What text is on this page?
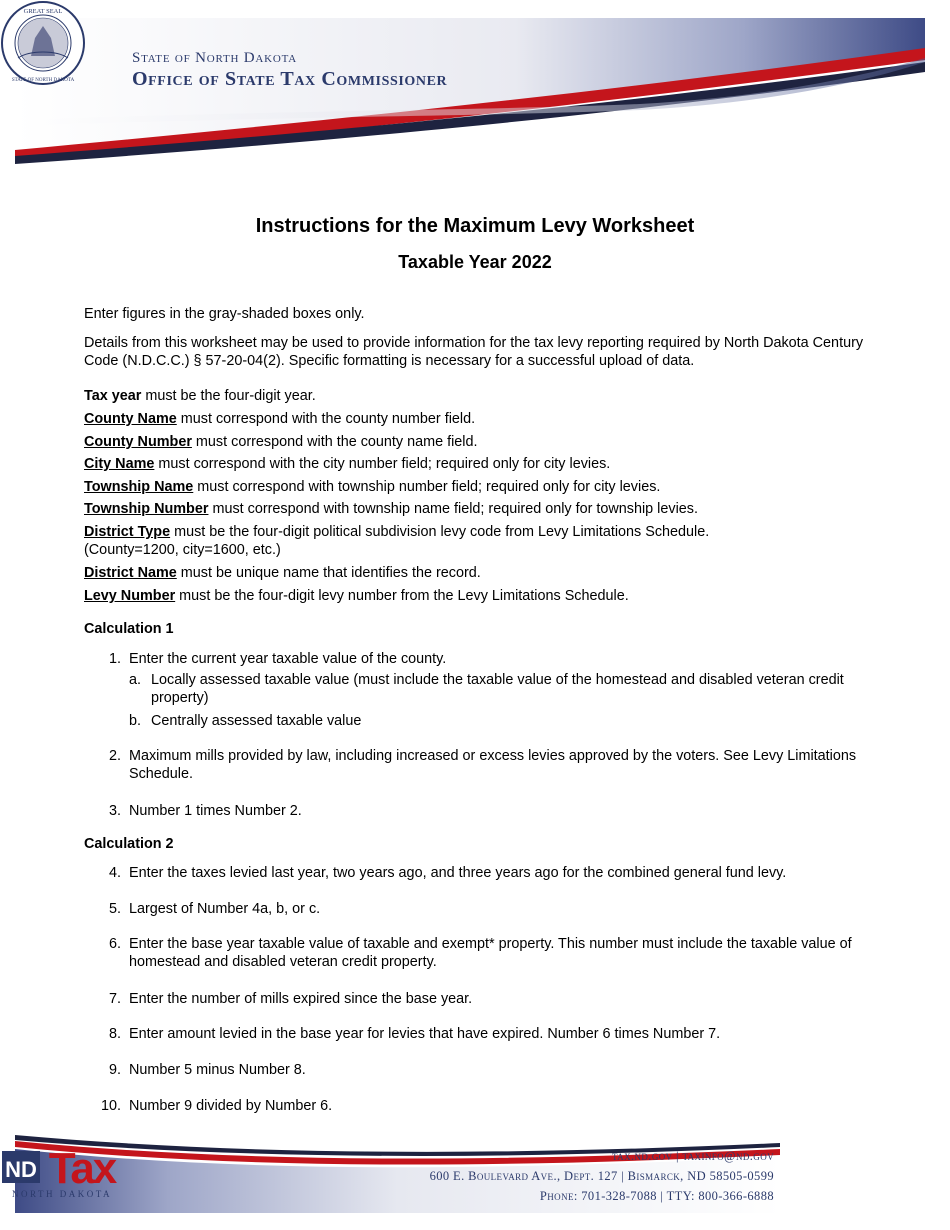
GREAT SEAL
STATE OF NORTH DAKOTA
State of North Dakota
Office of State Tax Commissioner
Instructions for the Maximum Levy Worksheet
Taxable Year 2022
Enter figures in the gray-shaded boxes only.
Details from this worksheet may be used to provide information for the tax levy reporting required by North Dakota Century Code (N.D.C.C.) § 57-20-04(2). Specific formatting is necessary for a successful upload of data.
Tax year must be the four-digit year.
County Name must correspond with the county number field.
County Number must correspond with the county name field.
City Name must correspond with the city number field; required only for city levies.
Township Name must correspond with township number field; required only for city levies.
Township Number must correspond with township name field; required only for township levies.
District Type must be the four-digit political subdivision levy code from Levy Limitations Schedule.
(County=1200, city=1600, etc.)
District Name must be unique name that identifies the record.
Levy Number must be the four-digit levy number from the Levy Limitations Schedule.
Calculation 1
1. Enter the current year taxable value of the county.
a. Locally assessed taxable value (must include the taxable value of the homestead and disabled veteran credit property)
b. Centrally assessed taxable value
2. Maximum mills provided by law, including increased or excess levies approved by the voters. See Levy Limitations Schedule.
3. Number 1 times Number 2.
Calculation 2
4. Enter the taxes levied last year, two years ago, and three years ago for the combined general fund levy.
5. Largest of Number 4a, b, or c.
6. Enter the base year taxable value of taxable and exempt* property. This number must include the taxable value of homestead and disabled veteran credit property.
7. Enter the number of mills expired since the base year.
8. Enter amount levied in the base year for levies that have expired. Number 6 times Number 7.
9. Number 5 minus Number 8.
10. Number 9 divided by Number 6.
tax.nd.gov | taxinfo@nd.gov
600 E. Boulevard Ave., Dept. 127 | Bismarck, ND 58505-0599
Phone: 701-328-7088 | TTY: 800-366-6888
ND Tax
NORTH DAKOTA
